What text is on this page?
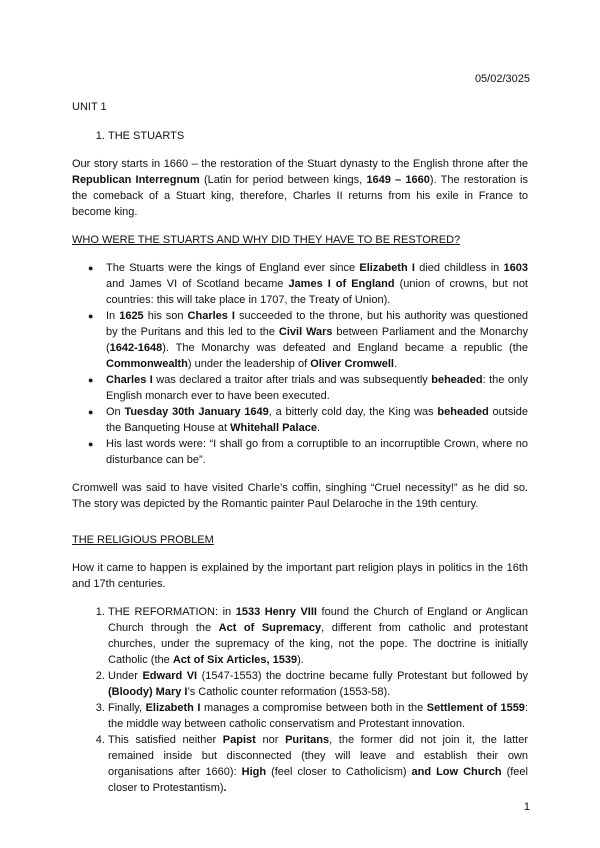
05/02/3025
UNIT 1
1. THE STUARTS

Our story starts in 1660 – the restoration of the Stuart dynasty to the English throne after the Republican Interregnum (Latin for period between kings, 1649 – 1660). The restoration is the comeback of a Stuart king, therefore, Charles II returns from his exile in France to become king.

WHO WERE THE STUARTS AND WHY DID THEY HAVE TO BE RESTORED?

● The Stuarts were the kings of England ever since Elizabeth I died childless in 1603 and James VI of Scotland became James I of England (union of crowns, but not countries: this will take place in 1707, the Treaty of Union).
● In 1625 his son Charles I succeeded to the throne, but his authority was questioned by the Puritans and this led to the Civil Wars between Parliament and the Monarchy (1642-1648). The Monarchy was defeated and England became a republic (the Commonwealth) under the leadership of Oliver Cromwell.
● Charles I was declared a traitor after trials and was subsequently beheaded: the only English monarch ever to have been executed.
● On Tuesday 30th January 1649, a bitterly cold day, the King was beheaded outside the Banqueting House at Whitehall Palace.
● His last words were: “I shall go from a corruptible to an incorruptible Crown, where no disturbance can be”.

Cromwell was said to have visited Charle’s coffin, singhing “Cruel necessity!” as he did so. The story was depicted by the Romantic painter Paul Delaroche in the 19th century.

THE RELIGIOUS PROBLEM

How it came to happen is explained by the important part religion plays in politics in the 16th and 17th centuries.

1. THE REFORMATION: in 1533 Henry VIII found the Church of England or Anglican Church through the Act of Supremacy, different from catholic and protestant churches, under the supremacy of the king, not the pope. The doctrine is initially Catholic (the Act of Six Articles, 1539).
2. Under Edward VI (1547-1553) the doctrine became fully Protestant but followed by (Bloody) Mary I’s Catholic counter reformation (1553-58).
3. Finally, Elizabeth I manages a compromise between both in the Settlement of 1559: the middle way between catholic conservatism and Protestant innovation.
4. This satisfied neither Papist nor Puritans, the former did not join it, the latter remained inside but disconnected (they will leave and establish their own organisations after 1660): High (feel closer to Catholicism) and Low Church (feel closer to Protestantism).
1
